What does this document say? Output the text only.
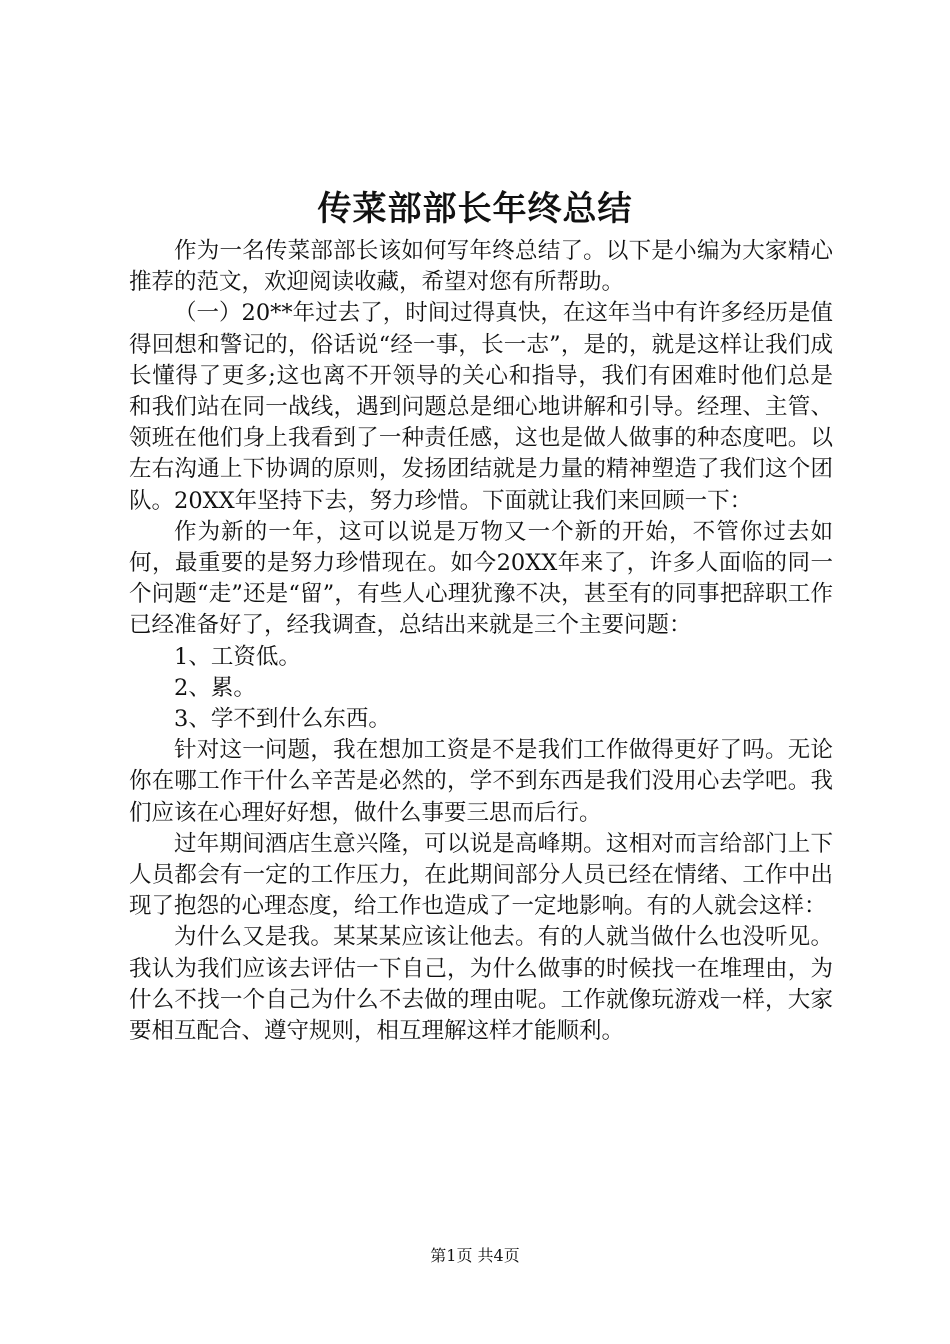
传菜部部长年终总结

作为一名传菜部部长该如何写年终总结了。以下是小编为大家精心推荐的范文，欢迎阅读收藏，希望对您有所帮助。

（一）20**年过去了，时间过得真快，在这年当中有许多经历是值得回想和警记的，俗话说“经一事，长一志”，是的，就是这样让我们成长懂得了更多;这也离不开领导的关心和指导，我们有困难时他们总是和我们站在同一战线，遇到问题总是细心地讲解和引导。经理、主管、领班在他们身上我看到了一种责任感，这也是做人做事的种态度吧。以左右沟通上下协调的原则，发扬团结就是力量的精神塑造了我们这个团队。20XX年坚持下去，努力珍惜。下面就让我们来回顾一下：

作为新的一年，这可以说是万物又一个新的开始，不管你过去如何，最重要的是努力珍惜现在。如今20XX年来了，许多人面临的同一个问题“走”还是“留”，有些人心理犹豫不决，甚至有的同事把辞职工作已经准备好了，经我调查，总结出来就是三个主要问题：

1、工资低。

2、累。

3、学不到什么东西。

针对这一问题，我在想加工资是不是我们工作做得更好了吗。无论你在哪工作干什么辛苦是必然的，学不到东西是我们没用心去学吧。我们应该在心理好好想，做什么事要三思而后行。

过年期间酒店生意兴隆，可以说是高峰期。这相对而言给部门上下人员都会有一定的工作压力，在此期间部分人员已经在情绪、工作中出现了抱怨的心理态度，给工作也造成了一定地影响。有的人就会这样：

为什么又是我。某某某应该让他去。有的人就当做什么也没听见。我认为我们应该去评估一下自己，为什么做事的时候找一在堆理由，为什么不找一个自己为什么不去做的理由呢。工作就像玩游戏一样，大家要相互配合、遵守规则，相互理解这样才能顺利。

第1页 共4页
